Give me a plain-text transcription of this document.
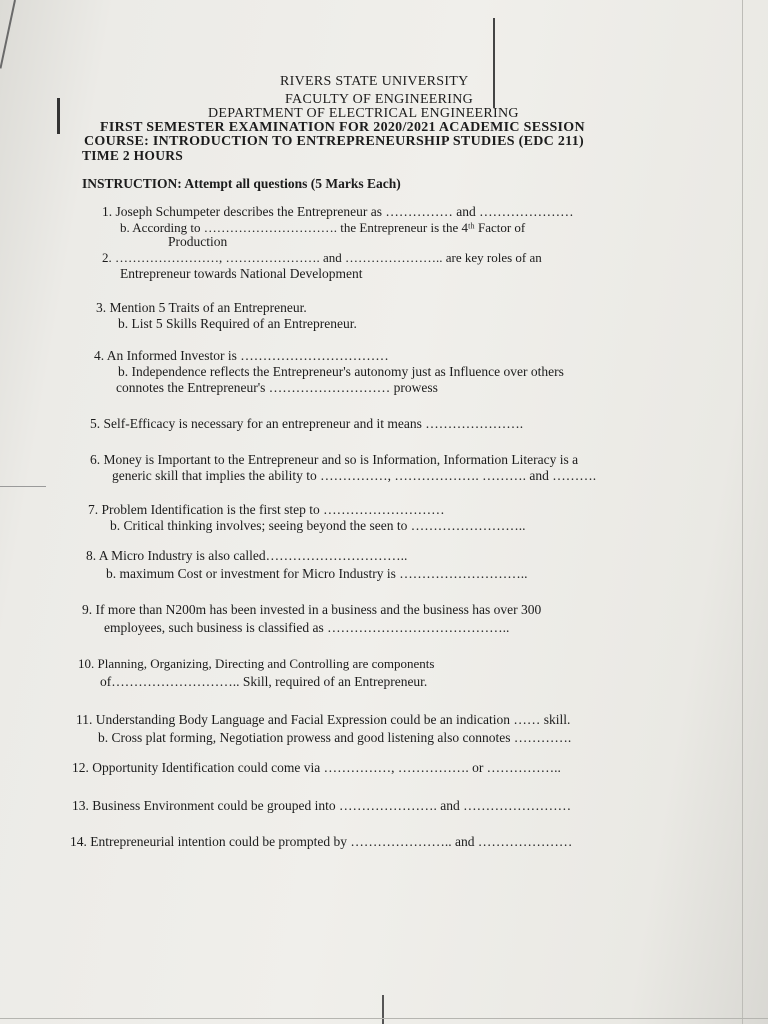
RIVERS STATE UNIVERSITY
FACULTY OF ENGINEERING
DEPARTMENT OF ELECTRICAL ENGINEERING
FIRST SEMESTER EXAMINATION FOR 2020/2021 ACADEMIC SESSION
COURSE: INTRODUCTION TO ENTREPRENEURSHIP STUDIES (EDC 211)
TIME 2 HOURS
INSTRUCTION: Attempt all questions (5 Marks Each)
1. Joseph Schumpeter describes the Entrepreneur as …………… and …………………
b. According to …………………………. the Entrepreneur is the 4ᵗʰ Factor of
Production
2. ……………………, …………………. and ………………….. are key roles of an
Entrepreneur towards National Development
3. Mention 5 Traits of an Entrepreneur.
b. List 5 Skills Required of an Entrepreneur.
4. An Informed Investor is ……………………………
b. Independence reflects the Entrepreneur's autonomy just as Influence over others
connotes the Entrepreneur's ……………………… prowess
5. Self-Efficacy is necessary for an entrepreneur and it means ………………….
6. Money is Important to the Entrepreneur and so is Information, Information Literacy is a
generic skill that implies the ability to ……………, ………………. ………. and ……….
7. Problem Identification is the first step to ………………………
b. Critical thinking involves; seeing beyond the seen to ……………………..
8. A Micro Industry is also called…………………………..
b. maximum Cost or investment for Micro Industry is ………………………..
9. If more than N200m has been invested in a business and the business has over 300
employees, such business is classified as …………………………………..
10. Planning, Organizing, Directing and Controlling are components
of……………………….. Skill, required of an Entrepreneur.
11. Understanding Body Language and Facial Expression could be an indication …… skill.
b. Cross plat forming, Negotiation prowess and good listening also connotes ………….
12. Opportunity Identification could come via ……………, ……………. or ……………..
13. Business Environment could be grouped into …………………. and ……………………
14. Entrepreneurial intention could be prompted by ………………….. and …………………
